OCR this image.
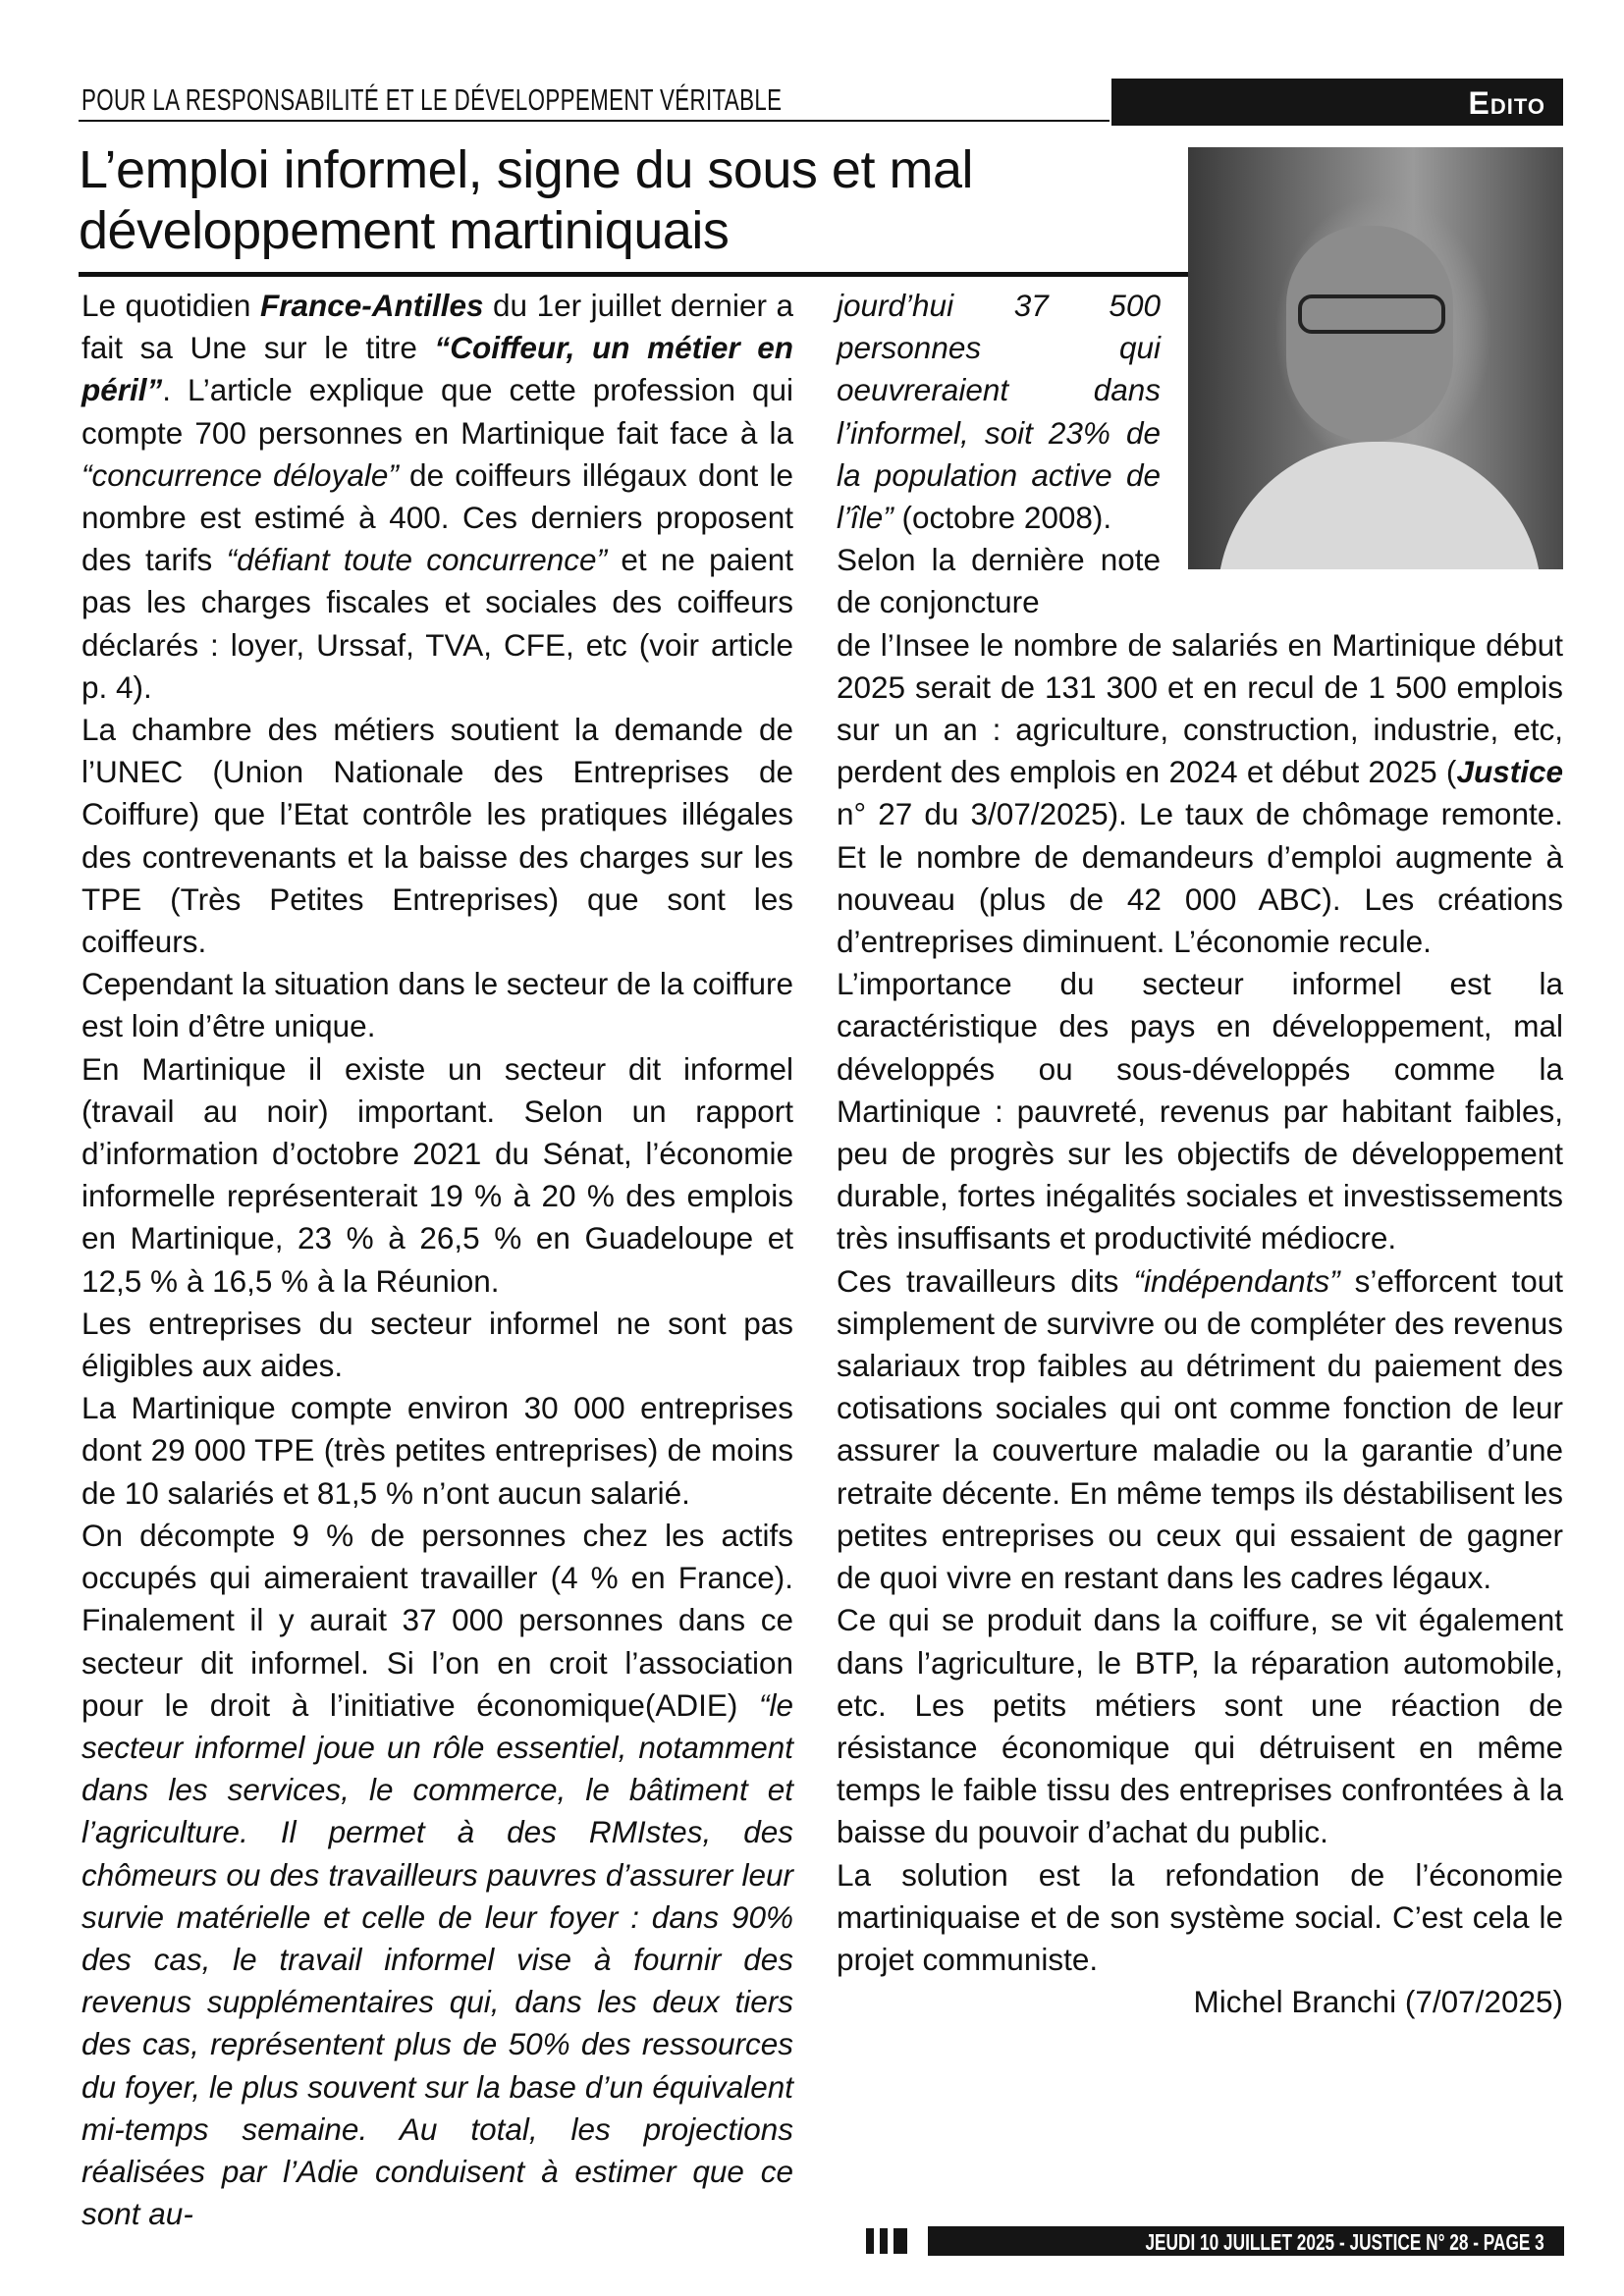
POUR LA RESPONSABILITÉ ET LE DÉVELOPPEMENT VÉRITABLE	Edito
L’emploi informel, signe du sous et mal développement martiniquais

Le quotidien France-Antilles du 1er juillet dernier a fait sa Une sur le titre “Coiffeur, un métier en péril”. L’article explique que cette profession qui compte 700 personnes en Martinique fait face à la “concurrence déloyale” de coiffeurs illégaux dont le nombre est estimé à 400. Ces derniers proposent des tarifs “défiant toute concurrence” et ne paient pas les charges fiscales et sociales des coiffeurs déclarés : loyer, Urssaf, TVA, CFE, etc (voir article p. 4).

La chambre des métiers soutient la demande de l’UNEC (Union Nationale des Entreprises de Coiffure) que l’Etat contrôle les pratiques illégales des contrevenants et la baisse des charges sur les TPE (Très Petites Entreprises) que sont les coiffeurs.

Cependant la situation dans le secteur de la coiffure est loin d’être unique.

En Martinique il existe un secteur dit informel (travail au noir) important. Selon un rapport d’information d’octobre 2021 du Sénat, l’économie informelle représenterait 19 % à 20 % des emplois en Martinique, 23 % à 26,5 % en Guadeloupe et 12,5 % à 16,5 % à la Réunion.

Les entreprises du secteur informel ne sont pas éligibles aux aides.

La Martinique compte environ 30 000 entreprises dont 29 000 TPE (très petites entreprises) de moins de 10 salariés et 81,5 % n’ont aucun salarié.

On décompte 9 % de personnes chez les actifs occupés qui aimeraient travailler (4 % en France). Finalement il y aurait 37 000 personnes dans ce secteur dit informel. Si l’on en croit l’association pour le droit à l’initiative économique(ADIE) “le secteur informel joue un rôle essentiel, notamment dans les services, le commerce, le bâtiment et l’agriculture. Il permet à des RMIstes, des chômeurs ou des travailleurs pauvres d’assurer leur survie matérielle et celle de leur foyer : dans 90% des cas, le travail informel vise à fournir des revenus supplémentaires qui, dans les deux tiers des cas, représentent plus de 50% des ressources du foyer, le plus souvent sur la base d’un équivalent mi-temps semaine. Au total, les projections réalisées par l’Adie conduisent à estimer que ce sont au-

jourd’hui 37 500 personnes qui oeuvreraient dans l’informel, soit 23% de la population active de l’île” (octobre 2008).

Selon la dernière note de conjoncture

de l’Insee le nombre de salariés en Martinique début 2025 serait de 131 300 et en recul de 1 500 emplois sur un an : agriculture, construction, industrie, etc, perdent des emplois en 2024 et début 2025 (Justice n° 27 du 3/07/2025). Le taux de chômage remonte. Et le nombre de demandeurs d’emploi augmente à nouveau (plus de 42 000 ABC). Les créations d’entreprises diminuent. L’économie recule.

L’importance du secteur informel est la caractéristique des pays en développement, mal développés ou sous-développés comme la Martinique : pauvreté, revenus par habitant faibles, peu de progrès sur les objectifs de développement durable, fortes inégalités sociales et investissements très insuffisants et productivité médiocre.

Ces travailleurs dits “indépendants” s’efforcent tout simplement de survivre ou de compléter des revenus salariaux trop faibles au détriment du paiement des cotisations sociales qui ont comme fonction de leur assurer la couverture maladie ou la garantie d’une retraite décente. En même temps ils déstabilisent les petites entreprises ou ceux qui essaient de gagner de quoi vivre en restant dans les cadres légaux.

Ce qui se produit dans la coiffure, se vit également dans l’agriculture, le BTP, la réparation automobile, etc. Les petits métiers sont une réaction de résistance économique qui détruisent en même temps le faible tissu des entreprises confrontées à la baisse du pouvoir d’achat du public.

La solution est la refondation de l’économie martiniquaise et de son système social. C’est cela le projet communiste.

Michel Branchi (7/07/2025)

JEUDI 10 JUILLET 2025 - JUSTICE N° 28 - PAGE 3
